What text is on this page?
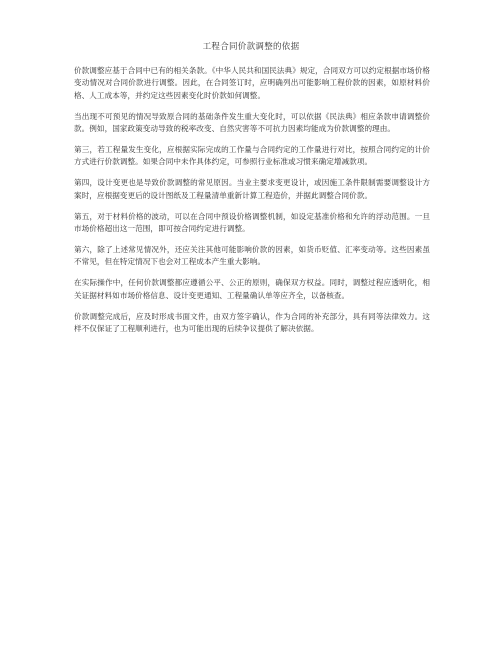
工程合同价款调整的依据

价款调整应基于合同中已有的相关条款。《中华人民共和国民法典》规定，合同双方可以约定根据市场价格变动情况对合同价款进行调整。因此，在合同签订时，应明确列出可能影响工程价款的因素，如原材料价格、人工成本等，并约定这些因素变化时价款如何调整。

当出现不可预见的情况导致原合同的基础条件发生重大变化时，可以依据《民法典》相应条款申请调整价款。例如，国家政策变动导致的税率改变、自然灾害等不可抗力因素均能成为价款调整的理由。

第三，若工程量发生变化，应根据实际完成的工作量与合同约定的工作量进行对比，按照合同约定的计价方式进行价款调整。如果合同中未作具体约定，可参照行业标准或习惯来确定增减款项。

第四，设计变更也是导致价款调整的常见原因。当业主要求变更设计，或因施工条件限制需要调整设计方案时，应根据变更后的设计图纸及工程量清单重新计算工程造价，并据此调整合同价款。

第五，对于材料价格的波动，可以在合同中预设价格调整机制，如设定基准价格和允许的浮动范围。一旦市场价格超出这一范围，即可按合同约定进行调整。

第六，除了上述常见情况外，还应关注其他可能影响价款的因素，如货币贬值、汇率变动等。这些因素虽不常见，但在特定情况下也会对工程成本产生重大影响。

在实际操作中，任何价款调整都应遵循公平、公正的原则，确保双方权益。同时，调整过程应透明化，相关证据材料如市场价格信息、设计变更通知、工程量确认单等应齐全，以备核查。

价款调整完成后，应及时形成书面文件，由双方签字确认，作为合同的补充部分，具有同等法律效力。这样不仅保证了工程顺利进行，也为可能出现的后续争议提供了解决依据。
